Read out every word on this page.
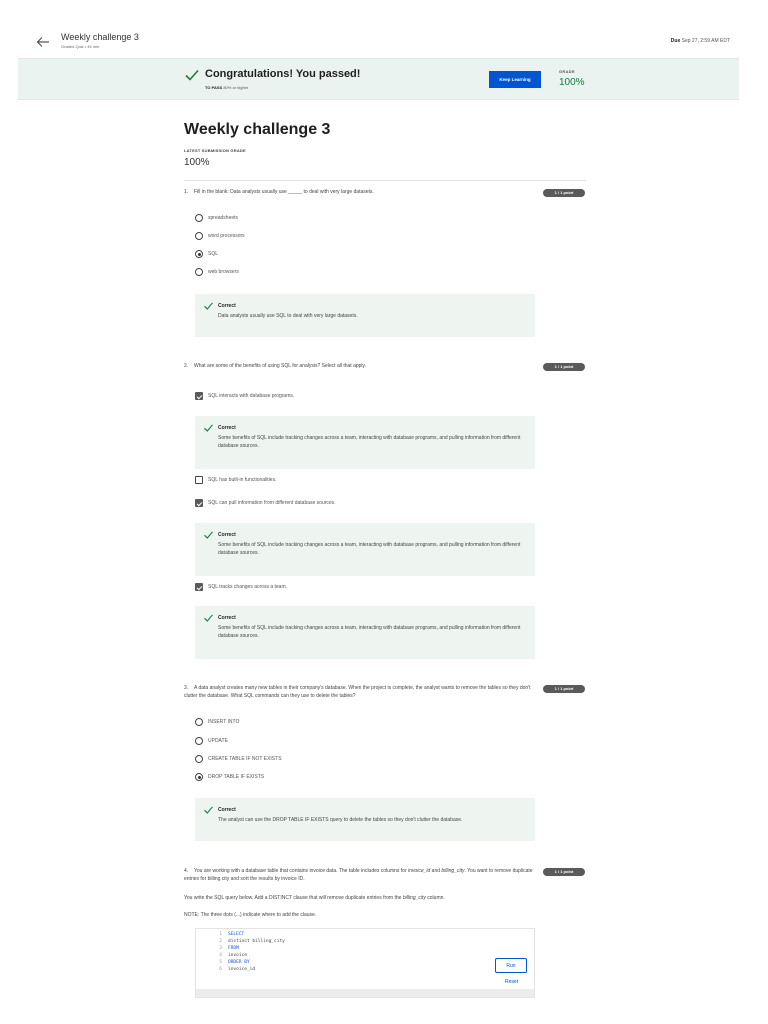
Weekly challenge 3
Graded Quiz • 45 min
Due Sep 27, 2:59 AM EDT
Congratulations! You passed!
TO PASS 80% or higher
Keep Learning
GRADE
100%
Weekly challenge 3
LATEST SUBMISSION GRADE
100%
1. Fill in the blank: Data analysts usually use _____ to deal with very large datasets.	1 / 1 point
spreadsheets
word processors
SQL
web browsers
Correct
Data analysts usually use SQL to deal with very large datasets.
2. What are some of the benefits of using SQL for analysis? Select all that apply.	1 / 1 point
SQL interacts with database programs.
Correct
Some benefits of SQL include tracking changes across a team, interacting with database programs, and pulling information from different database sources.
SQL has built-in functionalities.
SQL can pull information from different database sources.
Correct
Some benefits of SQL include tracking changes across a team, interacting with database programs, and pulling information from different database sources.
SQL tracks changes across a team.
Correct
Some benefits of SQL include tracking changes across a team, interacting with database programs, and pulling information from different database sources.
3. A data analyst creates many new tables in their company's database. When the project is complete, the analyst wants to remove the tables so they don't clutter the database. What SQL commands can they use to delete the tables?
1 / 1 point
INSERT INTO
UPDATE
CREATE TABLE IF NOT EXISTS
DROP TABLE IF EXISTS
Correct
The analyst can use the DROP TABLE IF EXISTS query to delete the tables so they don't clutter the database.
4. You are working with a database table that contains invoice data. The table includes columns for invoice_id and billing_city. You want to remove duplicate entries for billing city and sort the results by invoice ID.
1 / 1 point
You write the SQL query below. Add a DISTINCT clause that will remove duplicate entries from the billing_city column.
NOTE: The three dots (...) indicate where to add the clause.
1 SELECT
2 distinct billing_city
3 FROM
4 invoice
5 ORDER BY
6 invoice_id
Run
Reset
